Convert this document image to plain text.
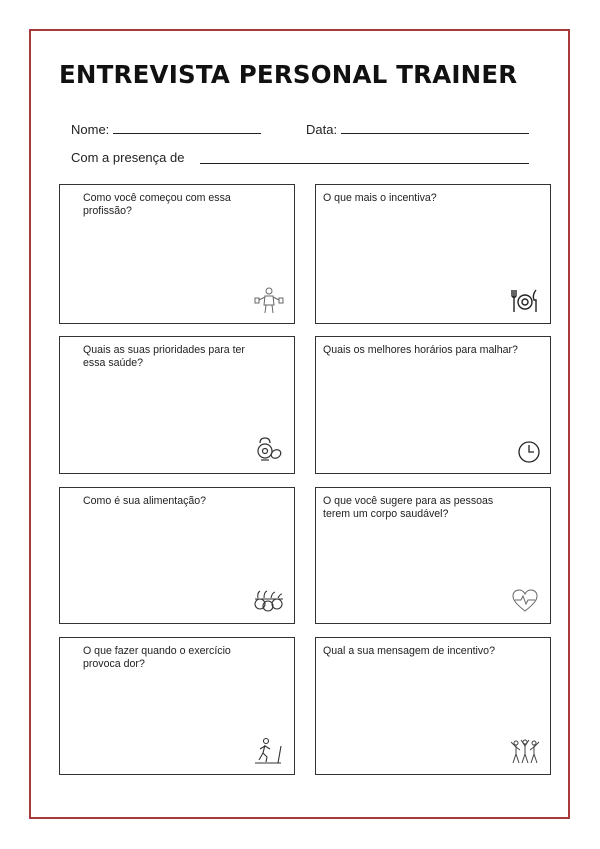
ENTREVISTA PERSONAL TRAINER
Nome:	Data:
Com a presença de
Como você começou com essa profissão?
O que mais o incentiva?
Quais as suas prioridades para ter essa saúde?
Quais os melhores horários para malhar?
Como é sua alimentação?	O que você sugere para as pessoas terem um corpo saudável?
O que fazer quando o exercício provoca dor?
Qual a sua mensagem de incentivo?
